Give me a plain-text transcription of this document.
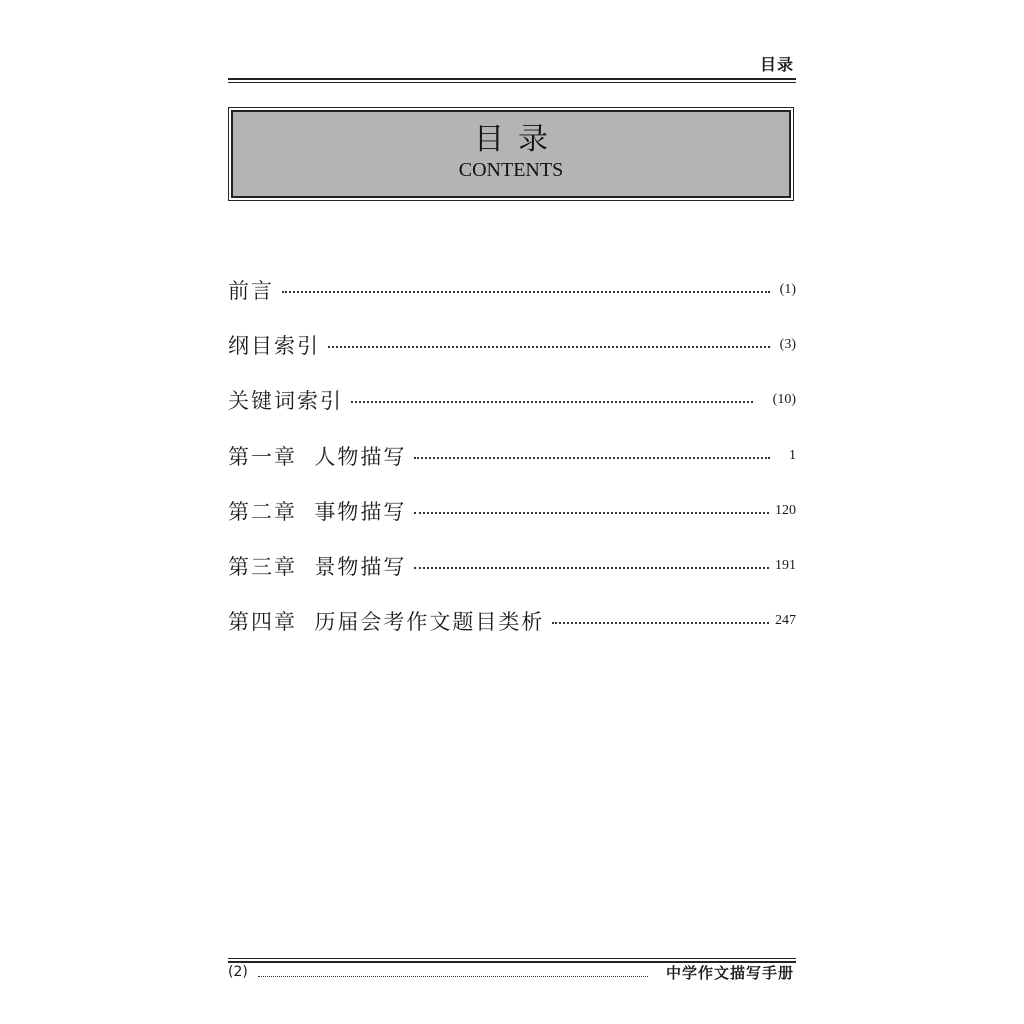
目录
目录
CONTENTS
前言	(1)
纲目索引	(3)
关键词索引	(10)
第一章  人物描写	1
第二章  事物描写	120
第三章  景物描写	191
第四章  历届会考作文题目类析	247
(2)	中学作文描写手册
